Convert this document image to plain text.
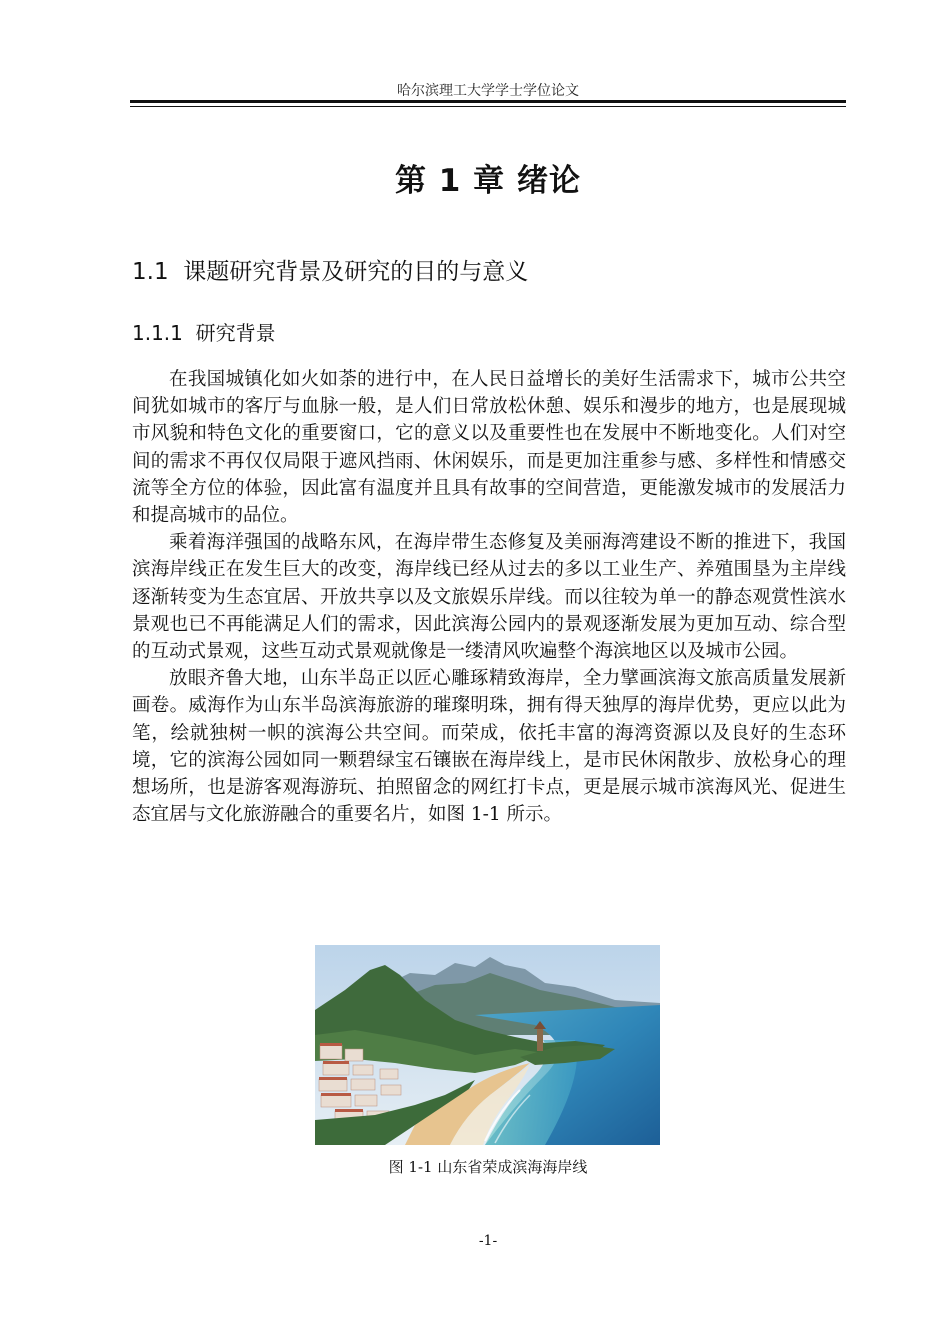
哈尔滨理工大学学士学位论文
第 1 章 绪论
1.1 课题研究背景及研究的目的与意义
1.1.1 研究背景

在我国城镇化如火如荼的进行中，在人民日益增长的美好生活需求下，城市公共空间犹如城市的客厅与血脉一般，是人们日常放松休憩、娱乐和漫步的地方，也是展现城市风貌和特色文化的重要窗口，它的意义以及重要性也在发展中不断地变化。人们对空间的需求不再仅仅局限于遮风挡雨、休闲娱乐，而是更加注重参与感、多样性和情感交流等全方位的体验，因此富有温度并且具有故事的空间营造，更能激发城市的发展活力和提高城市的品位。

乘着海洋强国的战略东风，在海岸带生态修复及美丽海湾建设不断的推进下，我国滨海岸线正在发生巨大的改变，海岸线已经从过去的多以工业生产、养殖围垦为主岸线逐渐转变为生态宜居、开放共享以及文旅娱乐岸线。而以往较为单一的静态观赏性滨水景观也已不再能满足人们的需求，因此滨海公园内的景观逐渐发展为更加互动、综合型的互动式景观，这些互动式景观就像是一缕清风吹遍整个海滨地区以及城市公园。

放眼齐鲁大地，山东半岛正以匠心雕琢精致海岸，全力擘画滨海文旅高质量发展新画卷。威海作为山东半岛滨海旅游的璀璨明珠，拥有得天独厚的海岸优势，更应以此为笔，绘就独树一帜的滨海公共空间。而荣成，依托丰富的海湾资源以及良好的生态环境，它的滨海公园如同一颗碧绿宝石镶嵌在海岸线上，是市民休闲散步、放松身心的理想场所，也是游客观海游玩、拍照留念的网红打卡点，更是展示城市滨海风光、促进生态宜居与文化旅游融合的重要名片，如图 1-1 所示。

图 1-1 山东省荣成滨海海岸线
-1-
